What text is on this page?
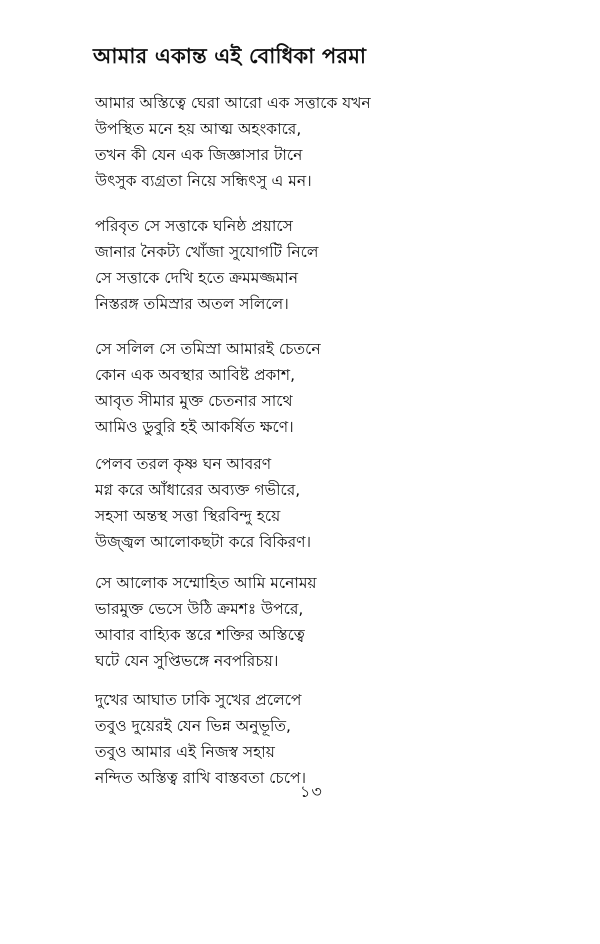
আমার একান্ত এই বোধিকা পরমা
আমার অস্তিত্বে ঘেরা আরো এক সত্তাকে যখন
উপস্থিত মনে হয় আত্ম অহংকারে,
তখন কী যেন এক জিজ্ঞাসার টানে
উৎসুক ব্যগ্রতা নিয়ে সন্ধিৎসু এ মন।
পরিবৃত সে সত্তাকে ঘনিষ্ঠ প্রয়াসে
জানার নৈকট্য খোঁজা সুযোগটি নিলে
সে সত্তাকে দেখি হতে ক্রমমজ্জমান
নিস্তরঙ্গ তমিস্রার অতল সলিলে।
সে সলিল সে তমিস্রা আমারই চেতনে
কোন এক অবস্থার আবিষ্ট প্রকাশ,
আবৃত সীমার মুক্ত চেতনার সাথে
আমিও ডুবুরি হই আকর্ষিত ক্ষণে।
পেলব তরল কৃষ্ণ ঘন আবরণ
মগ্ন করে আঁধারের অব্যক্ত গভীরে,
সহসা অন্তস্থ সত্তা স্থিরবিন্দু হয়ে
উজ্জ্বল আলোকছটা করে বিকিরণ।
সে আলোক সম্মোহিত আমি মনোময়
ভারমুক্ত ভেসে উঠি ক্রমশঃ উপরে,
আবার বাহ্যিক স্তরে শক্তির অস্তিত্বে
ঘটে যেন সুপ্তিভঙ্গে নবপরিচয়।
দুখের আঘাত ঢাকি সুখের প্রলেপে
তবুও দুয়েরই যেন ভিন্ন অনুভূতি,
তবুও আমার এই নিজস্ব সহায়
নন্দিত অস্তিত্ব রাখি বাস্তবতা চেপে।
১৩
